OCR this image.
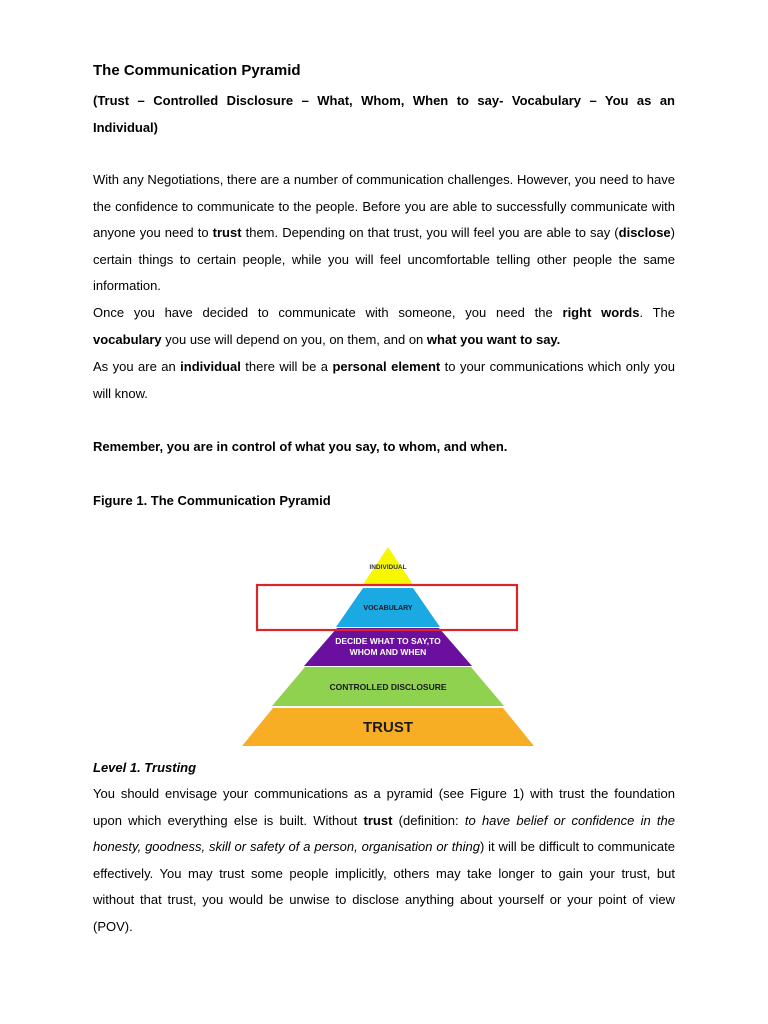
The Communication Pyramid
(Trust – Controlled Disclosure – What, Whom, When to say- Vocabulary – You as an Individual)
With any Negotiations, there are a number of communication challenges. However, you need to have the confidence to communicate to the people. Before you are able to successfully communicate with anyone you need to trust them. Depending on that trust, you will feel you are able to say (disclose) certain things to certain people, while you will feel uncomfortable telling other people the same information.
Once you have decided to communicate with someone, you need the right words. The
vocabulary you use will depend on you, on them, and on what you want to say.
As you are an individual there will be a personal element to your communications which only you will know.
Remember, you are in control of what you say, to whom, and when.
Figure 1. The Communication Pyramid
Level 1. Trusting
You should envisage your communications as a pyramid (see Figure 1) with trust the foundation upon which everything else is built. Without trust (definition: to have belief or confidence in the honesty, goodness, skill or safety of a person, organisation or thing) it will be difficult to communicate effectively. You may trust some people implicitly, others may take longer to gain your trust, but without that trust, you would be unwise to disclose anything about yourself or your point of view (POV).
INDIVIDUAL
VOCABULARY
DECIDE WHAT TO SAY,TO
WHOM AND WHEN
CONTROLLED DISCLOSURE
TRUST
